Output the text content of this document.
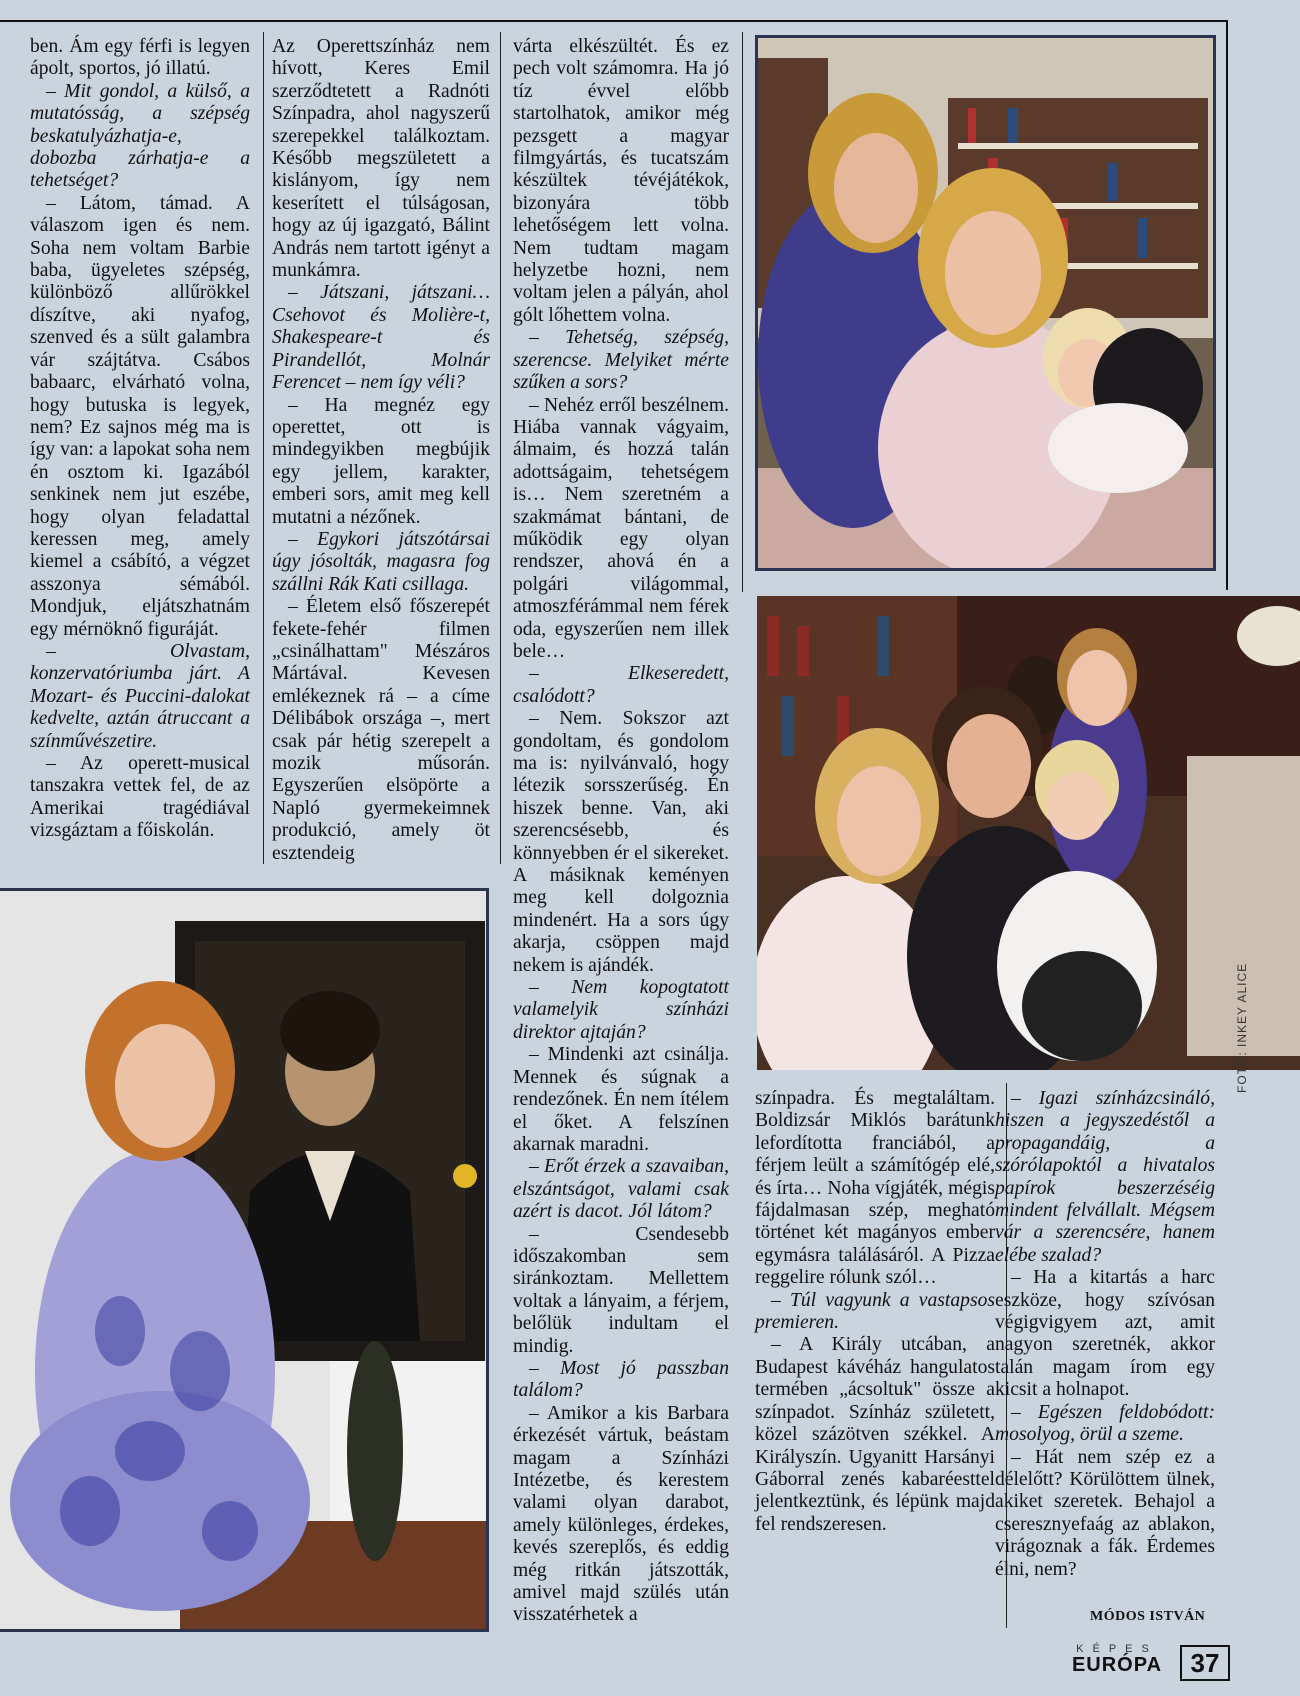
ben. Ám egy férfi is legyen ápolt, sportos, jó illatú.

– Mit gondol, a külső, a mutatósság, a szépség beskatulyázhatja-e, dobozba zárhatja-e a tehetséget?

– Látom, támad. A válaszom igen és nem. Soha nem voltam Barbie baba, ügyeletes szépség, különböző allűrökkel díszítve, aki nyafog, szenved és a sült galambra vár szájtátva. Csábos babaarc, elvárható volna, hogy butuska is legyek, nem? Ez sajnos még ma is így van: a lapokat soha nem én osztom ki. Igazából senkinek nem jut eszébe, hogy olyan feladattal keressen meg, amely kiemel a csábító, a végzet asszonya sémából. Mondjuk, eljátszhatnám egy mérnöknő figuráját.

– Olvastam, konzervatóriumba járt. A Mozart- és Puccini-dalokat kedvelte, aztán átruccant a színművészetire.

– Az operett-musical tanszakra vettek fel, de az Amerikai tragédiával vizsgáztam a főiskolán.

Az Operettszínház nem hívott, Keres Emil szerződtetett a Radnóti Színpadra, ahol nagyszerű szerepekkel találkoztam. Később megszületett a kislányom, így nem keserített el túlságosan, hogy az új igazgató, Bálint András nem tartott igényt a munkámra.

– Játszani, játszani… Csehovot és Molière-t, Shakespeare-t és Pirandellót, Molnár Ferencet – nem így véli?

– Ha megnéz egy operettet, ott is mindegyikben megbújik egy jellem, karakter, emberi sors, amit meg kell mutatni a nézőnek.

– Egykori játszótársai úgy jósolták, magasra fog szállni Rák Kati csillaga.

– Életem első főszerepét fekete-fehér filmen „csinálhattam" Mészáros Mártával. Kevesen emlékeznek rá – a címe Délibábok országa –, mert csak pár hétig szerepelt a mozik műsorán. Egyszerűen elsöpörte a Napló gyermekeimnek produkció, amely öt esztendeig

várta elkészültét. És ez pech volt számomra. Ha jó tíz évvel előbb startolhatok, amikor még pezsgett a magyar filmgyártás, és tucatszám készültek tévéjátékok, bizonyára több lehetőségem lett volna. Nem tudtam magam helyzetbe hozni, nem voltam jelen a pályán, ahol gólt lőhettem volna.

– Tehetség, szépség, szerencse. Melyiket mérte szűken a sors?

– Nehéz erről beszélnem. Hiába vannak vágyaim, álmaim, és hozzá talán adottságaim, tehetségem is… Nem szeretném a szakmámat bántani, de működik egy olyan rendszer, ahová én a polgári világommal, atmoszférámmal nem férek oda, egyszerűen nem illek bele…

– Elkeseredett, csalódott?

– Nem. Sokszor azt gondoltam, és gondolom ma is: nyilvánvaló, hogy létezik sorsszerűség. Én hiszek benne. Van, aki szerencsésebb, és könnyebben ér el sikereket. A másiknak keményen meg kell dolgoznia mindenért. Ha a sors úgy akarja, csöppen majd nekem is ajándék.

– Nem kopogtatott valamelyik színházi direktor ajtaján?

– Mindenki azt csinálja. Mennek és súgnak a rendezőnek. Én nem ítélem el őket. A felszínen akarnak maradni.

– Erőt érzek a szavaiban, elszántságot, valami csak azért is dacot. Jól látom?

– Csendesebb időszakomban sem siránkoztam. Mellettem voltak a lányaim, a férjem, belőlük indultam el mindig.

– Most jó passzban találom?

– Amikor a kis Barbara érkezését vártuk, beástam magam a Színházi Intézetbe, és kerestem valami olyan darabot, amely különleges, érdekes, kevés szereplős, és eddig még ritkán játszották, amivel majd szülés után visszatérhetek a

színpadra. És megtaláltam. Boldizsár Miklós barátunk lefordította franciából, a férjem leült a számítógép elé, és írta… Noha vígjáték, mégis fájdalmasan szép, megható történet két magányos ember egymásra találásáról. A Pizza reggelire rólunk szól…

– Túl vagyunk a vastapsos premieren.

– A Király utcában, a Budapest kávéház hangulatos termében „ácsoltuk" össze a színpadot. Színház született, közel százötven székkel. A Királyszín. Ugyanitt Harsányi Gáborral zenés kabaréesttel jelentkeztünk, és lépünk majd fel rendszeresen.

– Igazi színházcsináló, hiszen a jegyszedéstől a propagandáig, a szórólapoktól a hivatalos papírok beszerzéséig mindent felvállalt. Mégsem vár a szerencsére, hanem elébe szalad?

– Ha a kitartás a harc eszköze, hogy szívósan végigvigyem azt, amit nagyon szeretnék, akkor talán magam írom egy kicsit a holnapot.

– Egészen feldobódott: mosolyog, örül a szeme.

– Hát nem szép ez a délelőtt? Körülöttem ülnek, akiket szeretek. Behajol a cseresznyefaág az ablakon, virágoznak a fák. Érdemes élni, nem?

FOTÓ: INKEY ALICE
MÓDOS ISTVÁN
KÉPES
EURÓPA	37
